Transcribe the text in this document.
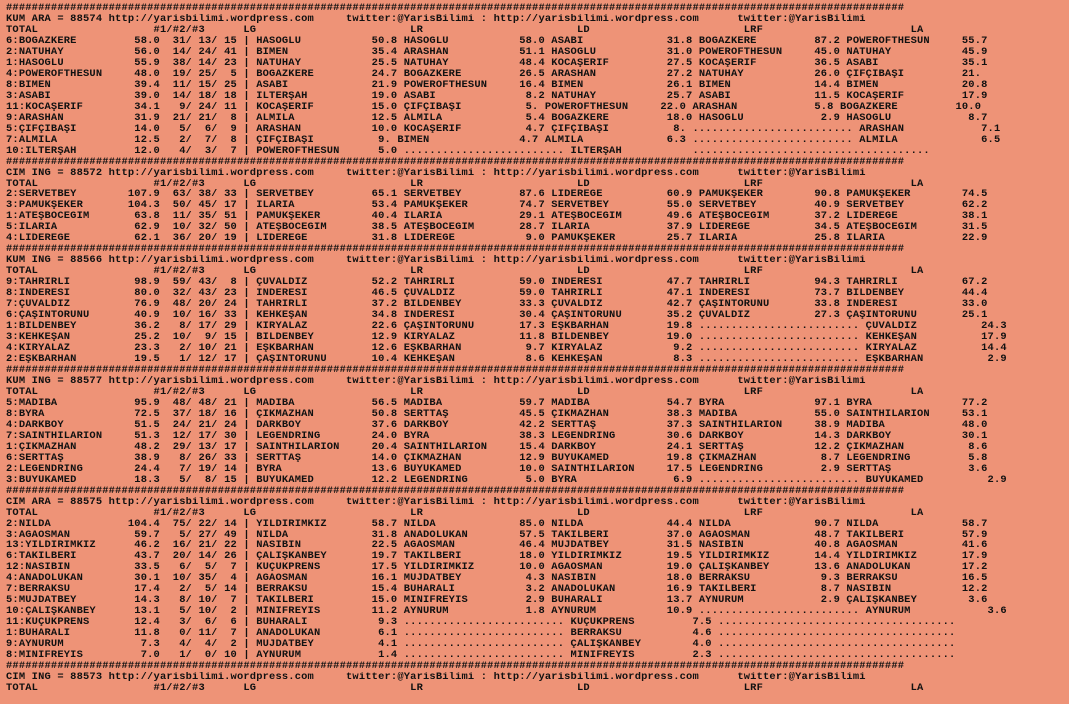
############################################################################################################################################
KUM ARA = 88574 http://yarisbilimi.wordpress.com     twitter:@YarisBilimi : http://yarisbilimi.wordpress.com      twitter:@YarisBilimi
TOTAL                  #1/#2/#3      LG                        LR                        LD                        LRF                       LA
6:BOĞAZKERE         58.0  31/ 13/ 15 | HASOĞLU           50.8 HASOĞLU           58.0 ASABİ             31.8 BOĞAZKERE         87.2 POWEROFTHESUN     55.7
2:NATUHAY           56.0  14/ 24/ 41 | BİMEN             35.4 ARASHAN           51.1 HASOĞLU           31.0 POWEROFTHESUN     45.0 NATUHAY           45.9
1:HASOĞLU           55.9  38/ 14/ 23 | NATUHAY           25.5 NATUHAY           48.4 KOCAŞERİF         27.5 KOCAŞERİF         36.5 ASABİ             35.1
4:POWEROFTHESUN     48.0  19/ 25/  5 | BOĞAZKERE         24.7 BOĞAZKERE         26.5 ARASHAN           27.2 NATUHAY           26.0 ÇİFÇİBAŞI         21.
8:BİMEN             39.4  11/ 15/ 25 | ASABİ             21.9 POWEROFTHESUN     16.4 BİMEN             26.1 BİMEN             14.4 BİMEN             20.8
3:ASABİ             39.0  14/ 18/ 18 | İLTERŞAH          19.0 ASABİ              8.2 NATUHAY           25.7 ASABİ             11.5 KOCAŞERİF         17.9
11:KOCAŞERİF        34.1   9/ 24/ 11 | KOCAŞERİF         15.0 ÇİFÇİBAŞI          5. POWEROFTHESUN     22.0 ARASHAN            5.8 BOĞAZKERE         10.0
9:ARASHAN           31.9  21/ 21/  8 | ALMİLA            12.5 ALMİLA             5.4 BOĞAZKERE         18.0 HASOĞLU            2.9 HASOĞLU            8.7
5:ÇİFÇİBAŞI         14.0   5/  6/  9 | ARASHAN           10.0 KOCAŞERİF          4.7 ÇİFÇİBAŞI          8. ......................... ARASHAN            7.1
7:ALMİLA            12.5   2/  7/  8 | ÇİFÇİBAŞI          9. BİMEN              4.7 ALMİLA             6.3 ......................... ALMİLA             6.5
10:İLTERŞAH         12.0   4/  3/  7 | POWEROFTHESUN      5.0 ......................... İLTERŞAH           .....................................
############################################################################################################################################
CIM ING = 88572 http://yarisbilimi.wordpress.com     twitter:@YarisBilimi : http://yarisbilimi.wordpress.com      twitter:@YarisBilimi
TOTAL                  #1/#2/#3      LG                        LR                        LD                        LRF                       LA
2:SERVETBEY        107.9  63/ 38/ 33 | SERVETBEY         65.1 SERVETBEY         87.6 LİDEREGE          60.9 PAMUKŞEKER        90.8 PAMUKŞEKER        74.5
3:PAMUKŞEKER       104.3  50/ 45/ 17 | ILARIA            53.4 PAMUKŞEKER        74.7 SERVETBEY         55.0 SERVETBEY         40.9 SERVETBEY         62.2
1:ATEŞBÖCEĞİM       63.8  11/ 35/ 51 | PAMUKŞEKER        40.4 ILARIA            29.1 ATEŞBÖCEĞİM       49.6 ATEŞBÖCEĞİM       37.2 LİDEREGE          38.1
5:ILARIA            62.9  10/ 32/ 50 | ATEŞBÖCEĞİM       38.5 ATEŞBÖCEĞİM       28.7 ILARIA            37.9 LİDEREGE          34.5 ATEŞBÖCEĞİM       31.5
4:LİDEREGE          62.1  36/ 20/ 19 | LİDEREGE          31.8 LİDEREGE           9.0 PAMUKŞEKER        25.7 ILARIA            25.8 ILARIA            22.9
############################################################################################################################################
KUM ING = 88566 http://yarisbilimi.wordpress.com     twitter:@YarisBilimi : http://yarisbilimi.wordpress.com      twitter:@YarisBilimi
TOTAL                  #1/#2/#3      LG                        LR                        LD                        LRF                       LA
9:TAHRİRLİ          98.9  59/ 43/  8 | ÇUVALDIZ          52.2 TAHRİRLİ          59.0 İNDERESİ          47.7 TAHRİRLİ          94.3 TAHRİRLİ          67.2
8:İNDERESİ          80.0  32/ 43/ 23 | İNDERESİ          46.5 ÇUVALDIZ          59.0 TAHRİRLİ          47.1 İNDERESİ          73.7 BİLDENBEY         44.4
7:ÇUVALDIZ          76.9  48/ 20/ 24 | TAHRİRLİ          37.2 BİLDENBEY         33.3 ÇUVALDIZ          42.7 ÇAŞINTORUNU       33.8 İNDERESİ          33.0
6:ÇAŞINTORUNU       40.9  10/ 16/ 33 | KEHKEŞAN          34.8 İNDERESİ          30.4 ÇAŞINTORUNU       35.2 ÇUVALDIZ          27.3 ÇAŞINTORUNU       25.1
1:BİLDENBEY         36.2   8/ 17/ 29 | KIRYALAZ          22.6 ÇAŞINTORUNU       17.3 EŞKBARHAN         19.8 ......................... ÇUVALDIZ          24.3
3:KEHKEŞAN          25.2  10/  9/ 15 | BİLDENBEY         12.9 KIRYALAZ          11.8 BİLDENBEY         19.0 ......................... KEHKEŞAN          17.9
4:KIRYALAZ          23.3   2/ 10/ 21 | EŞKBARHAN         12.6 EŞKBARHAN          9.7 KIRYALAZ           9.2 ......................... KIRYALAZ          14.4
2:EŞKBARHAN         19.5   1/ 12/ 17 | ÇAŞINTORUNU       10.4 KEHKEŞAN           8.6 KEHKEŞAN           8.3 ......................... EŞKBARHAN          2.9
############################################################################################################################################
KUM ING = 88577 http://yarisbilimi.wordpress.com     twitter:@YarisBilimi : http://yarisbilimi.wordpress.com      twitter:@YarisBilimi
TOTAL                  #1/#2/#3      LG                        LR                        LD                        LRF                       LA
5:MADIBA            95.9  48/ 48/ 21 | MADIBA            56.5 MADIBA            59.7 MADIBA            54.7 BYRA              97.1 BYRA              77.2
8:BYRA              72.5  37/ 18/ 16 | ÇIKMAZHAN         50.8 SERTTAŞ           45.5 ÇIKMAZHAN         38.3 MADIBA            55.0 SAINTHILARION     53.1
4:DARKBOY           51.5  24/ 21/ 24 | DARKBOY           37.6 DARKBOY           42.2 SERTTAŞ           37.3 SAINTHILARION     38.9 MADIBA            48.0
7:SAINTHILARION     51.3  12/ 17/ 30 | LEGENDRING        24.0 BYRA              38.3 LEGENDRING        30.6 DARKBOY           14.3 DARKBOY           30.1
1:ÇIKMAZHAN         48.2  29/ 13/ 17 | SAINTHILARION     20.4 SAINTHILARION     15.4 DARKBOY           24.1 SERTTAŞ           12.2 ÇIKMAZHAN          8.6
6:SERTTAŞ           38.9   8/ 26/ 33 | SERTTAŞ           14.0 ÇIKMAZHAN         12.9 BÜYÜKAMED         19.8 ÇIKMAZHAN          8.7 LEGENDRING         5.8
2:LEGENDRING        24.4   7/ 19/ 14 | BYRA              13.6 BÜYÜKAMED         10.0 SAINTHILARION     17.5 LEGENDRING         2.9 SERTTAŞ            3.6
3:BÜYÜKAMED         18.3   5/  8/ 15 | BÜYÜKAMED         12.2 LEGENDRING         5.0 BYRA               6.9 ......................... BÜYÜKAMED          2.9
############################################################################################################################################
CIM ARA = 88575 http://yarisbilimi.wordpress.com     twitter:@YarisBilimi : http://yarisbilimi.wordpress.com      twitter:@YarisBilimi
TOTAL                  #1/#2/#3      LG                        LR                        LD                        LRF                       LA
2:NILDA            104.4  75/ 22/ 14 | YILDIRIMKIZ       58.7 NILDA             85.0 NILDA             44.4 NILDA             90.7 NILDA             58.7
3:AĞAOSMAN          59.7   5/ 27/ 49 | NILDA             31.8 ANADOLUKAN        57.5 TAKILBERİ         37.0 AĞAOSMAN          48.7 TAKILBERİ         57.9
13:YILDIRIMKIZ      46.2  16/ 21/ 22 | NASIBİN           22.5 AĞAOSMAN          46.4 MÜJDATBEY         31.5 NASIBİN           40.8 AĞAOSMAN          41.6
6:TAKILBERİ         43.7  20/ 14/ 26 | ÇALIŞKANBEY       19.7 TAKILBERİ         18.0 YILDIRIMKIZ       19.5 YILDIRIMKIZ       14.4 YILDIRIMKIZ       17.9
12:NASIBİN          33.5   6/  5/  7 | KÜÇÜKPRENS        17.5 YILDIRIMKIZ       10.0 AĞAOSMAN          19.0 ÇALIŞKANBEY       13.6 ANADOLUKAN        17.2
4:ANADOLUKAN        30.1  10/ 35/  4 | AĞAOSMAN          16.1 MÜJDATBEY          4.3 NASIBİN           18.0 BERRAKSU           9.3 BERRAKSU          16.5
7:BERRAKSU          17.4   2/  5/ 14 | BERRAKSU          15.4 BUHARALI           3.2 ANADOLUKAN        16.9 TAKILBERİ          8.7 NASIBİN           12.2
5:MÜJDATBEY         14.3   8/ 10/  7 | TAKILBERİ         15.0 MİNİFREYİS         2.9 BUHARALI          13.7 AYNURUM            2.9 ÇALIŞKANBEY        3.6
10:ÇALIŞKANBEY      13.1   5/ 10/  2 | MİNİFREYİS        11.2 AYNURUM            1.8 AYNURUM           10.9 ......................... AYNURUM            3.6
11:KÜÇÜKPRENS       12.4   3/  6/  6 | BUHARALI           9.3 ......................... KÜÇÜKPRENS         7.5 .....................................
1:BUHARALI          11.8   0/ 11/  7 | ANADOLUKAN         6.1 ......................... BERRAKSU           4.6 .....................................
9:AYNURUM            7.3   4/  4/  2 | MÜJDATBEY          4.1 ......................... ÇALIŞKANBEY        4.0 .....................................
8:MİNİFREYİS         7.0   1/  0/ 10 | AYNURUM            1.4 ......................... MİNİFREYİS         2.3 .....................................
############################################################################################################################################
CIM ING = 88573 http://yarisbilimi.wordpress.com     twitter:@YarisBilimi : http://yarisbilimi.wordpress.com      twitter:@YarisBilimi
TOTAL                  #1/#2/#3      LG                        LR                        LD                        LRF                       LA
